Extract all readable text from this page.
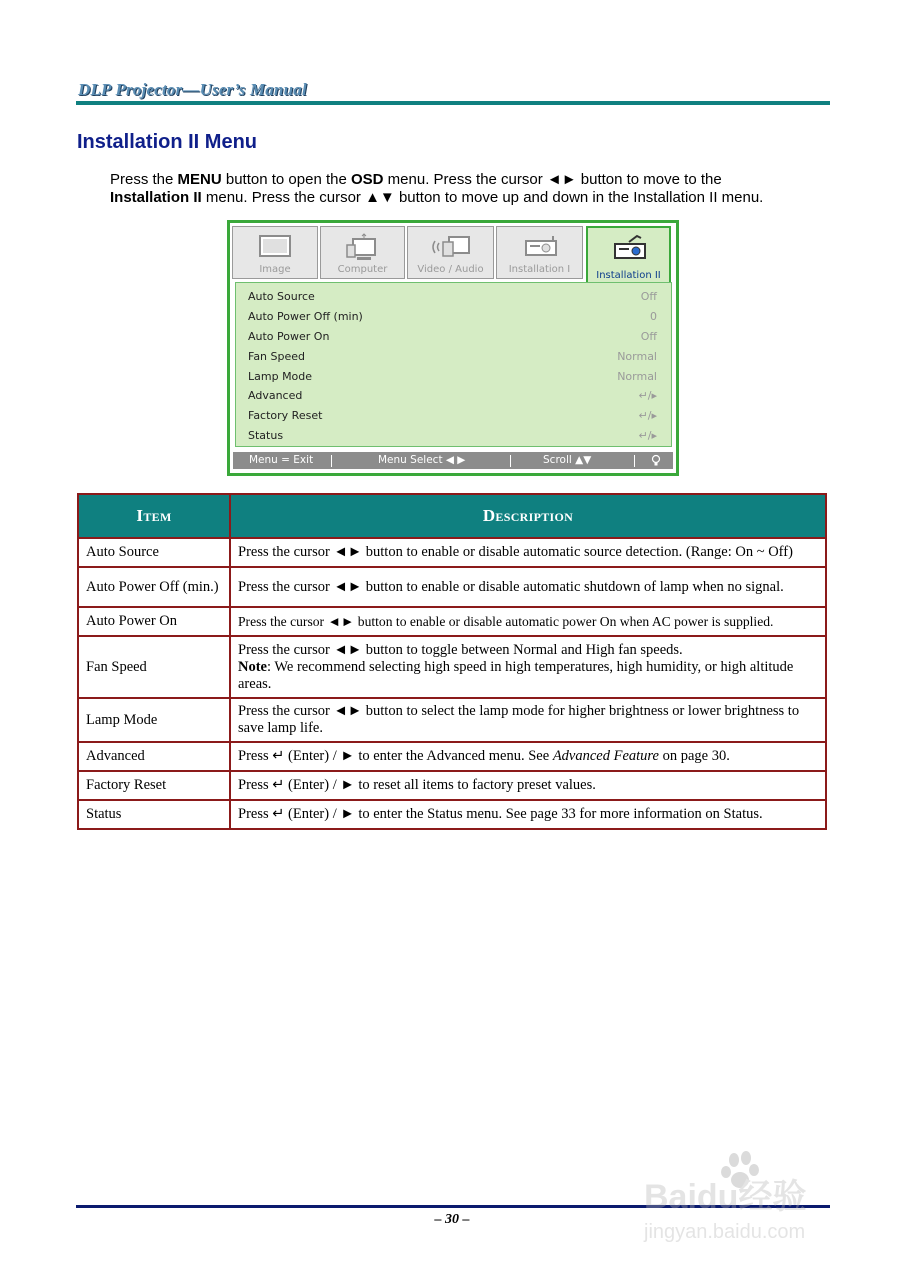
DLP Projector—User’s Manual
Installation II Menu
Press the MENU button to open the OSD menu. Press the cursor ◄► button to move to the
Installation II menu. Press the cursor ▲▼ button to move up and down in the Installation II menu.
Image	Computer	Video / Audio	Installation I
Installation II
Auto Source	Off
Auto Power Off (min)	0
Auto Power On	Off
Fan Speed	Normal
Lamp Mode	Normal
Advanced	↵/▸
Factory Reset	↵/▸
Status	↵/▸
Menu = Exit	Menu Select ◀ ▶	Scroll ▲▼
Item	Description
Auto Source	Press the cursor ◄► button to enable or disable automatic source detection. (Range: On ~ Off)
Auto Power Off (min.)	Press the cursor ◄► button to enable or disable automatic shutdown of lamp when no signal.
Auto Power On	Press the cursor ◄► button to enable or disable automatic power On when AC power is supplied.
Fan Speed	Press the cursor ◄► button to toggle between Normal and High fan speeds.
Note: We recommend selecting high speed in high temperatures, high humidity, or high altitude areas.
Lamp Mode	Press the cursor ◄► button to select the lamp mode for higher brightness or lower brightness to save lamp life.
Advanced	Press ↵ (Enter) / ► to enter the Advanced menu. See Advanced Feature on page 30.
Factory Reset	Press ↵ (Enter) / ► to reset all items to factory preset values.
Status	Press ↵ (Enter) / ► to enter the Status menu. See page 33 for more information on Status.
– 30 –
Baidu经验
jingyan.baidu.com
